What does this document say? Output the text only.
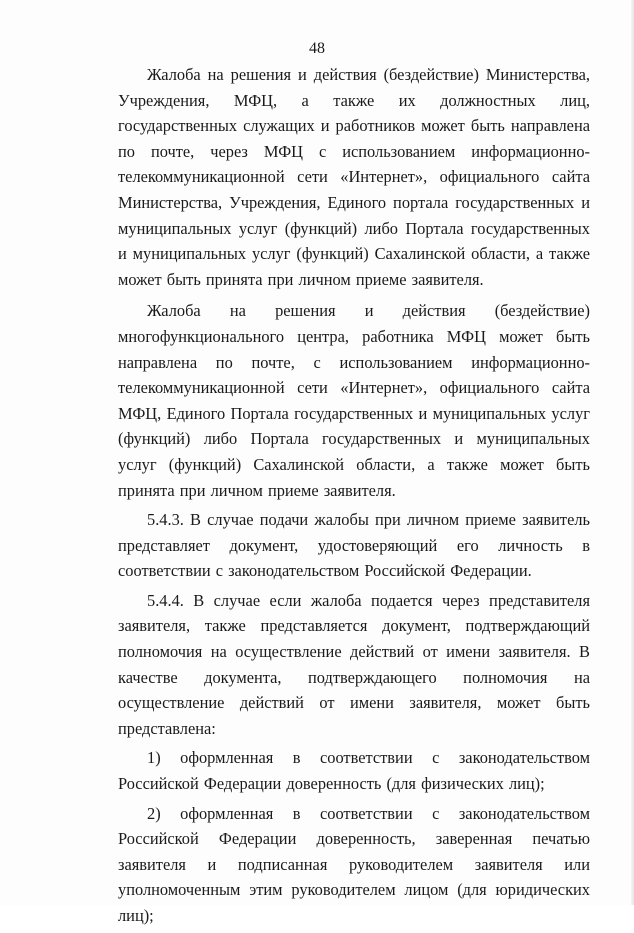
48

Жалоба на решения и действия (бездействие) Министерства, Учреждения, МФЦ, а также их должностных лиц, государственных служащих и работников может быть направлена по почте, через МФЦ с использованием информационно-телекоммуникационной сети «Интернет», официального сайта Министерства, Учреждения, Единого портала государственных и муниципальных услуг (функций) либо Портала государственных и муниципальных услуг (функций) Сахалинской области, а также может быть принята при личном приеме заявителя.

Жалоба на решения и действия (бездействие) многофункционального центра, работника МФЦ может быть направлена по почте, с использованием информационно-телекоммуникационной сети «Интернет», официального сайта МФЦ, Единого Портала государственных и муниципальных услуг (функций) либо Портала государственных и муниципальных услуг (функций) Сахалинской области, а также может быть принята при личном приеме заявителя.

5.4.3. В случае подачи жалобы при личном приеме заявитель представляет документ, удостоверяющий его личность в соответствии с законодательством Российской Федерации.

5.4.4. В случае если жалоба подается через представителя заявителя, также представляется документ, подтверждающий полномочия на осуществление действий от имени заявителя. В качестве документа, подтверждающего полномочия на осуществление действий от имени заявителя, может быть представлена:

1) оформленная в соответствии с законодательством Российской Федерации доверенность (для физических лиц);

2) оформленная в соответствии с законодательством Российской Федерации доверенность, заверенная печатью заявителя и подписанная руководителем заявителя или уполномоченным этим руководителем лицом (для юридических лиц);
